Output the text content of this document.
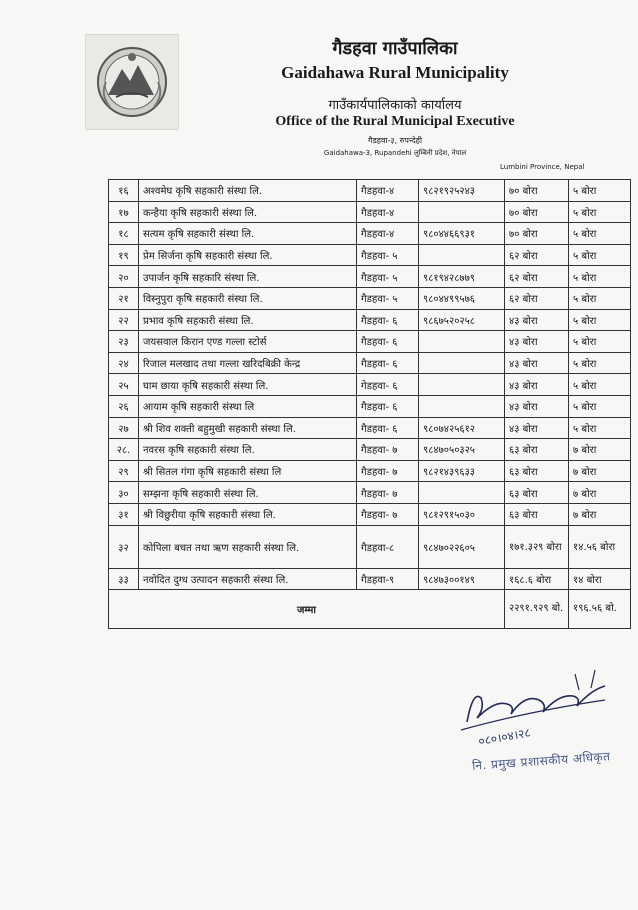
गैडहवा गाउँपालिका
Gaidahawa Rural Municipality
गाउँकार्यपालिकाको कार्यालय
Office of the Rural Municipal Executive
गैडहवा-३, रुपन्देही
Gaidahawa-3, Rupandehi लुम्बिनी प्रदेश, नेपाल
Lumbini Province, Nepal
१६	अश्वमेघ कृषि सहकारी संस्था लि.	गैडहवा-४	९८२१९२५२४३	७० बोरा	५ बोरा
१७	कन्हैया कृषि सहकारी संस्था लि.	गैडहवा-४		७० बोरा	५ बोरा
१८	सत्यम कृषि सहकारी संस्था लि.	गैडहवा-४	९८०४४६६९३१	७० बोरा	५ बोरा
१९	प्रेम सिर्जना कृषि सहकारी संस्था लि.	गैडहवा- ५		६२ बोरा	५ बोरा
२०	उपार्जन कृषि सहकारि संस्था लि.	गैडहवा- ५	९८१९४२८७७९	६२ बोरा	५ बोरा
२१	विस्नुपुरा कृषि सहकारी संस्था लि.	गैडहवा- ५	९८०४४९९५७६	६२ बोरा	५ बोरा
२२	प्रभाव कृषि सहकारी संस्था लि.	गैडहवा- ६	९८६७५२०२५८	४३ बोरा	५ बोरा
२३	जयसवाल किरान एण्ड गल्ला स्टोर्स	गैडहवा- ६		४३ बोरा	५ बोरा
२४	रिजाल मलखाद तथा गल्ला खरिदबिक्री केन्द्र	गैडहवा- ६		४३ बोरा	५ बोरा
२५	घाम छाया कृषि सहकारी संस्था लि.	गेडहवा- ६		४३ बोरा	५ बोरा
२६	आयाम कृषि सहकारी संस्था लि	गैडहवा- ६		४३ बोरा	५ बोरा
२७	श्री शिव शक्ती बहुमुखी सहकारी संस्था लि.	गैडहवा- ६	९८०७४२५६१२	४३ बोरा	५ बोरा
२८.	नवरस कृषि सहकारी संस्था लि.	गैडहवा- ७	९८४७०५०३२५	६३ बोरा	७ बोरा
२९	श्री सितल गंगा कृषि सहकारी संस्था लि	गैडहवा- ७	९८२१४३९६३३	६३ बोरा	७ बोरा
३०	सम्झना कृषि सहकारी संस्था लि.	गैडहवा- ७		६३ बोरा	७ बोरा
३१	श्री विछुरीया कृषि सहकारी संस्था लि.	गैडहवा- ७	९८१२९१५०३०	६३ बोरा	७ बोरा
३२	कोपिला बचत तथा ऋण सहकारी संस्था लि.	गैडहवा-८	९८४७०२२६०५	१७१.३२९ बोरा	१४.५६ बोरा
३३	नवोदित दुग्ध उत्पादन सहकारी संस्था लि.	गैडहवा-९	९८४७३००१४९	१६८.६ बोरा	१४ बोरा
जम्मा				२२९१.९२९ बो.	१९६.५६ बो.
०८०।०४।२८
नि. प्रमुख प्रशासकीय अधिकृत
